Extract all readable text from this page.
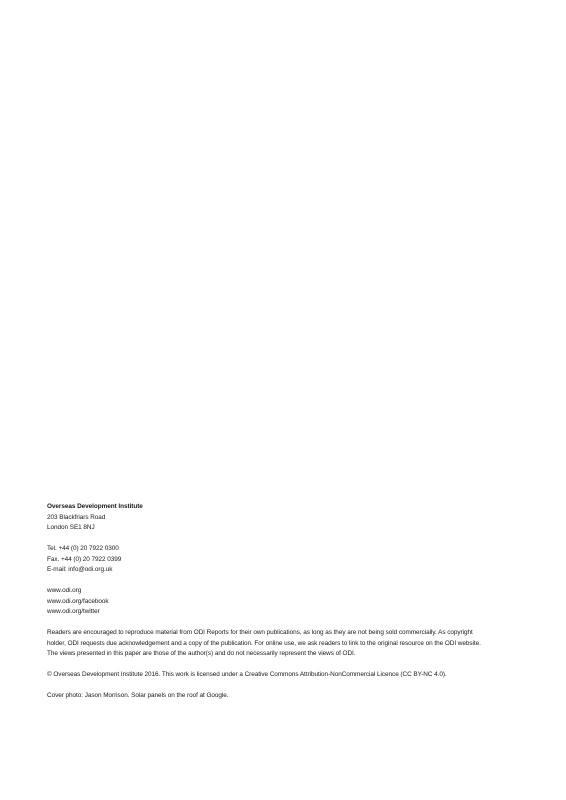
Overseas Development Institute
203 Blackfriars Road
London SE1 8NJ
Tel. +44 (0) 20 7922 0300
Fax. +44 (0) 20 7922 0399
E-mail: info@odi.org.uk
www.odi.org
www.odi.org/facebook
www.odi.org/twitter
Readers are encouraged to reproduce material from ODI Reports for their own publications, as long as they are not being sold commercially. As copyright
holder, ODI requests due acknowledgement and a copy of the publication. For online use, we ask readers to link to the original resource on the ODI website.
The views presented in this paper are those of the author(s) and do not necessarily represent the views of ODI.
© Overseas Development Institute 2016. This work is licensed under a Creative Commons Attribution-NonCommercial Licence (CC BY-NC 4.0).
Cover photo: Jason Morrison. Solar panels on the roof at Google.
